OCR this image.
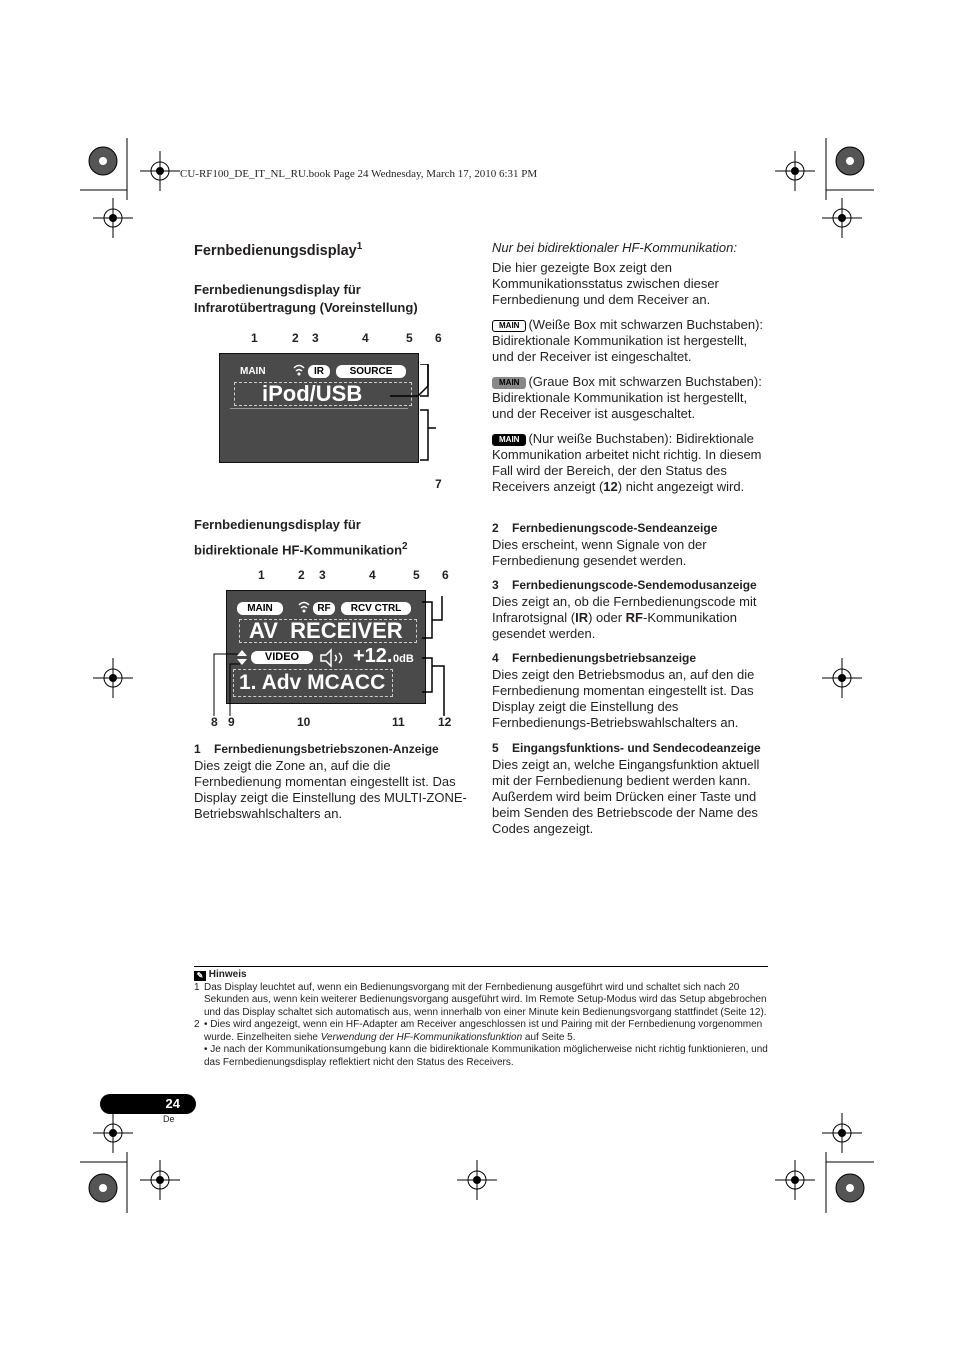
CU-RF100_DE_IT_NL_RU.book Page 24 Wednesday, March 17, 2010 6:31 PM
Fernbedienungsdisplay$^1$
Fernbedienungsdisplay für Infrarotübertragung (Voreinstellung)
1	2 3	4	5 6
7
MAIN	IR	SOURCE
iPod/USB
Fernbedienungsdisplay für
bidirektionale HF-Kommunikation$^2$
1	2 3	4	5 6
8 9	10	11	12
MAIN	RF	RCV CTRL
AV  RECEIVER
VIDEO	+12. 0dB
1. Adv MCACC
1    Fernbedienungsbetriebszonen-Anzeige
Dies zeigt die Zone an, auf die die Fernbedienung momentan eingestellt ist. Das Display zeigt die Einstellung des MULTI-ZONE-Betriebswahlschalters an.
Nur bei bidirektionaler HF-Kommunikation:
Die hier gezeigte Box zeigt den Kommunikationsstatus zwischen dieser Fernbedienung und dem Receiver an.
MAIN (Weiße Box mit schwarzen Buchstaben): Bidirektionale Kommunikation ist hergestellt, und der Receiver ist eingeschaltet.
MAIN (Graue Box mit schwarzen Buchstaben): Bidirektionale Kommunikation ist hergestellt, und der Receiver ist ausgeschaltet.
MAIN (Nur weiße Buchstaben): Bidirektionale Kommunikation arbeitet nicht richtig. In diesem Fall wird der Bereich, der den Status des Receivers anzeigt (12) nicht angezeigt wird.
2    Fernbedienungscode-Sendeanzeige
Dies erscheint, wenn Signale von der Fernbedienung gesendet werden.
3    Fernbedienungscode-Sendemodusanzeige
Dies zeigt an, ob die Fernbedienungscode mit Infrarotsignal (IR) oder RF-Kommunikation gesendet werden.
4    Fernbedienungsbetriebsanzeige
Dies zeigt den Betriebsmodus an, auf den die Fernbedienung momentan eingestellt ist. Das Display zeigt die Einstellung des Fernbedienungs-Betriebswahlschalters an.
5    Eingangsfunktions- und Sendecodeanzeige
Dies zeigt an, welche Eingangsfunktion aktuell mit der Fernbedienung bedient werden kann. Außerdem wird beim Drücken einer Taste und beim Senden des Betriebscode der Name des Codes angezeigt.
✎ Hinweis
1 Das Display leuchtet auf, wenn ein Bedienungsvorgang mit der Fernbedienung ausgeführt wird und schaltet sich nach 20 Sekunden aus, wenn kein weiterer Bedienungsvorgang ausgeführt wird. Im Remote Setup-Modus wird das Setup abgebrochen und das Display schaltet sich automatisch aus, wenn innerhalb von einer Minute kein Bedienungsvorgang stattfindet (Seite 12).
2 • Dies wird angezeigt, wenn ein HF-Adapter am Receiver angeschlossen ist und Pairing mit der Fernbedienung vorgenommen wurde. Einzelheiten siehe Verwendung der HF-Kommunikationsfunktion auf Seite 5.
• Je nach der Kommunikationsumgebung kann die bidirektionale Kommunikation möglicherweise nicht richtig funktionieren, und das Fernbedienungsdisplay reflektiert nicht den Status des Receivers.
24
De
